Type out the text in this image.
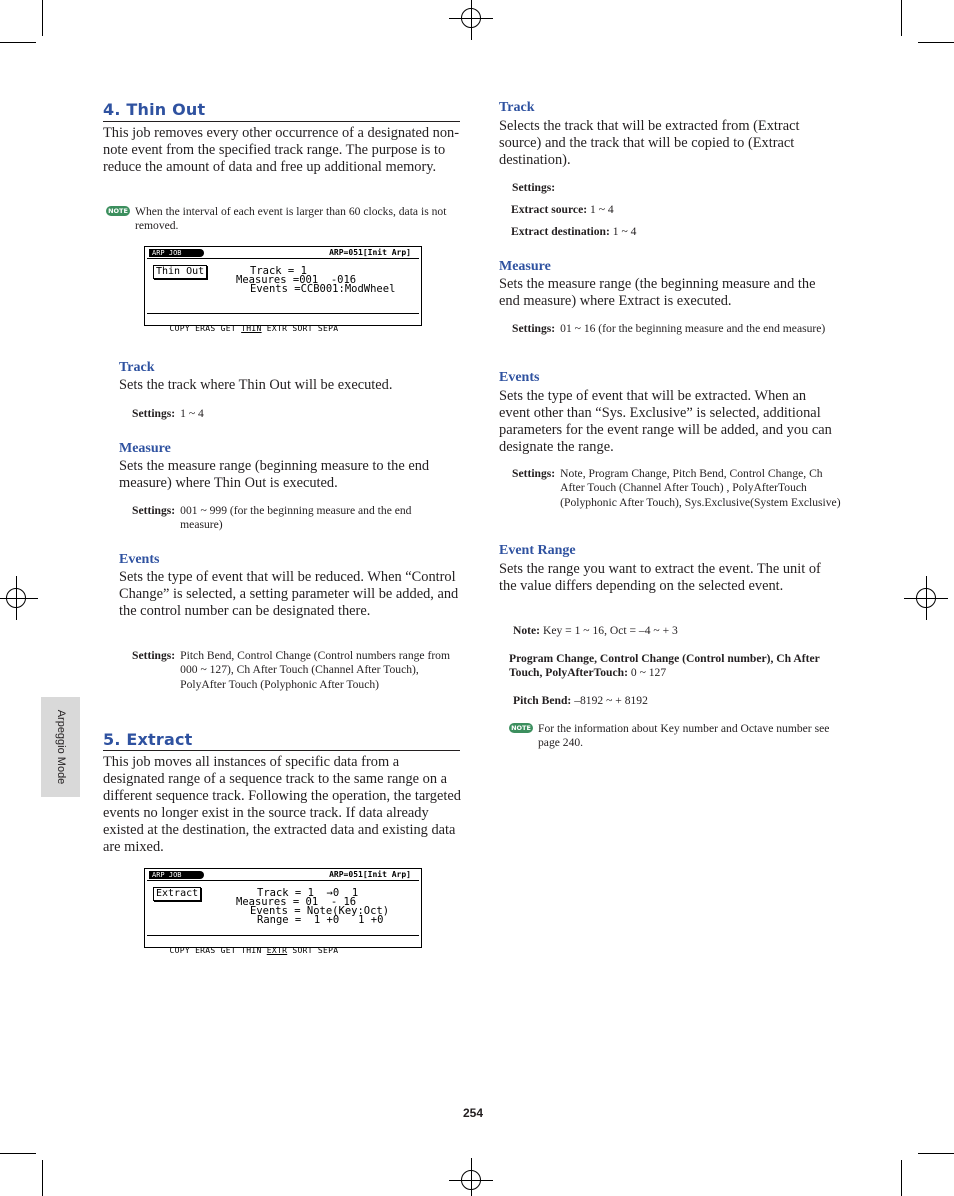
4. Thin Out

This job removes every other occurrence of a designated non-note event from the specified track range. The purpose is to reduce the amount of data and free up additional memory.

NOTE When the interval of each event is larger than 60 clocks, data is not removed.

ARP JOB	ARP=051[Init Arp]
Thin Out	Track = 1
Measures =001  -016
Events =CCB001:ModWheel

COPY ERAS GET THIN EXTR SORT SEPA

Track

Sets the track where Thin Out will be executed.

Settings: 1 ~ 4
Measure

Sets the measure range (beginning measure to the end measure) where Thin Out is executed.

Settings: 001 ~ 999 (for the beginning measure and the end measure)
Events

Sets the type of event that will be reduced. When “Control Change” is selected, a setting parameter will be added, and the control number can be designated there.

Settings: Pitch Bend, Control Change (Control numbers range from 000 ~ 127), Ch After Touch (Channel After Touch), PolyAfter Touch (Polyphonic After Touch)
5. Extract

This job moves all instances of specific data from a designated range of a sequence track to the same range on a different sequence track. Following the operation, the targeted events no longer exist in the source track. If data already existed at the destination, the extracted data and existing data are mixed.

ARP JOB	ARP=051[Init Arp]
Extract	Track = 1  →0  1
Measures = 01  - 16
Events = Note(Key:Oct)
Range =  1 +0   1 +0

COPY ERAS GET THIN EXTR SORT SEPA

Arpeggio Mode
Track

Selects the track that will be extracted from (Extract source) and the track that will be copied to (Extract destination).

Settings:
Extract source: 1 ~ 4
Extract destination: 1 ~ 4
Measure

Sets the measure range (the beginning measure and the end measure) where Extract is executed.

Settings: 01 ~ 16 (for the beginning measure and the end measure)
Events

Sets the type of event that will be extracted. When an event other than “Sys. Exclusive” is selected, additional parameters for the event range will be added, and you can designate the range.

Settings: Note, Program Change, Pitch Bend, Control Change, Ch After Touch (Channel After Touch) , PolyAfterTouch (Polyphonic After Touch), Sys.Exclusive(System Exclusive)
Event Range

Sets the range you want to extract the event. The unit of the value differs depending on the selected event.

Note: Key = 1 ~ 16, Oct = –4 ~ + 3
Program Change, Control Change (Control number), Ch After Touch, PolyAfterTouch: 0 ~ 127
Pitch Bend: –8192 ~ + 8192
NOTE For the information about Key number and Octave number see page 240.

254
